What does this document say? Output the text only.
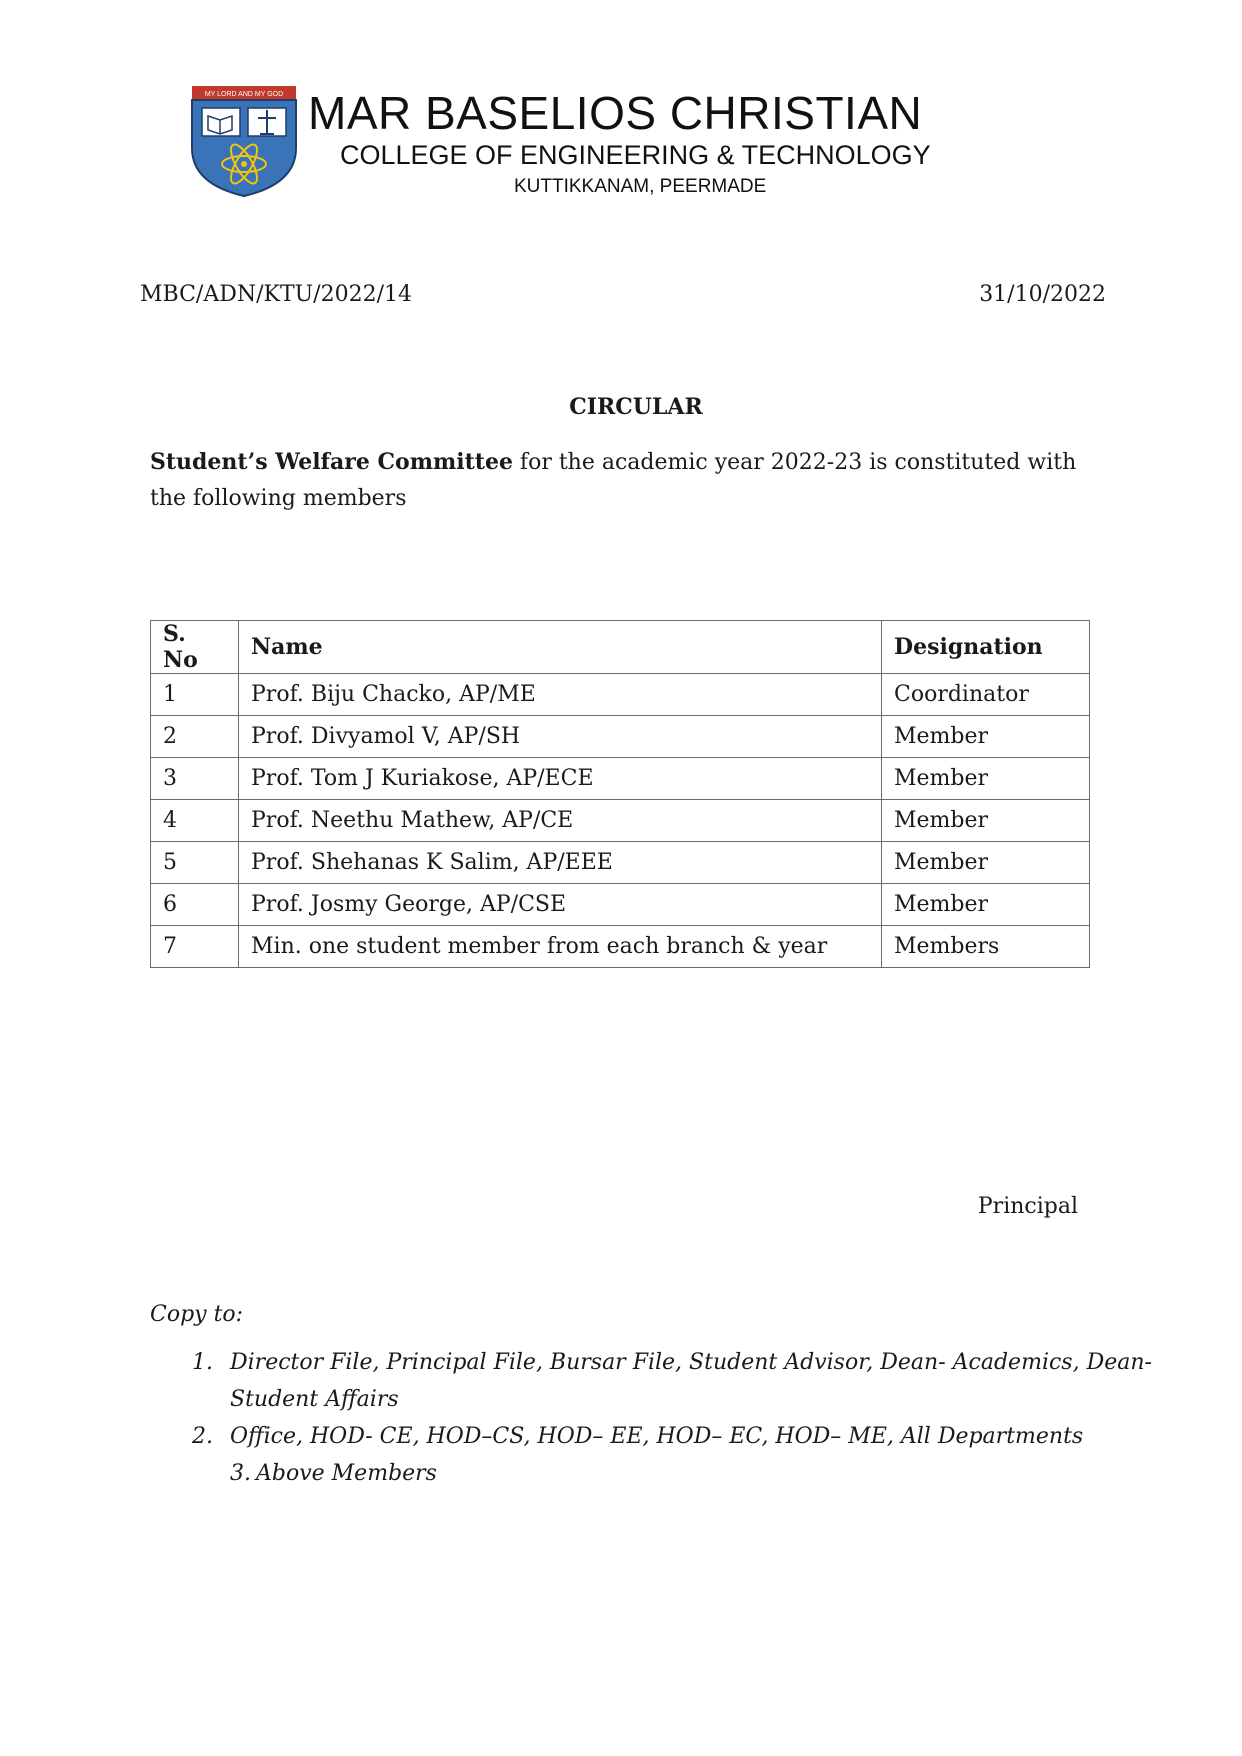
MY LORD AND MY GOD MAR BASELIOS CHRISTIAN
COLLEGE OF ENGINEERING & TECHNOLOGY
KUTTIKKANAM, PEERMADE
MBC/ADN/KTU/2022/14	31/10/2022
CIRCULAR
Student’s Welfare Committee for the academic year 2022-23 is constituted with the following members
S. No	Name	Designation
1	Prof. Biju Chacko, AP/ME	Coordinator
2	Prof. Divyamol V, AP/SH	Member
3	Prof. Tom J Kuriakose, AP/ECE	Member
4	Prof. Neethu Mathew, AP/CE	Member
5	Prof. Shehanas K Salim, AP/EEE	Member
6	Prof. Josmy George, AP/CSE	Member
7	Min. one student member from each branch & year	Members
Principal
Copy to:
1. Director File, Principal File, Bursar File, Student Advisor, Dean- Academics, Dean-
Student Affairs
2. Office, HOD- CE, HOD–CS, HOD– EE, HOD– EC, HOD– ME, All Departments
3. Above Members
